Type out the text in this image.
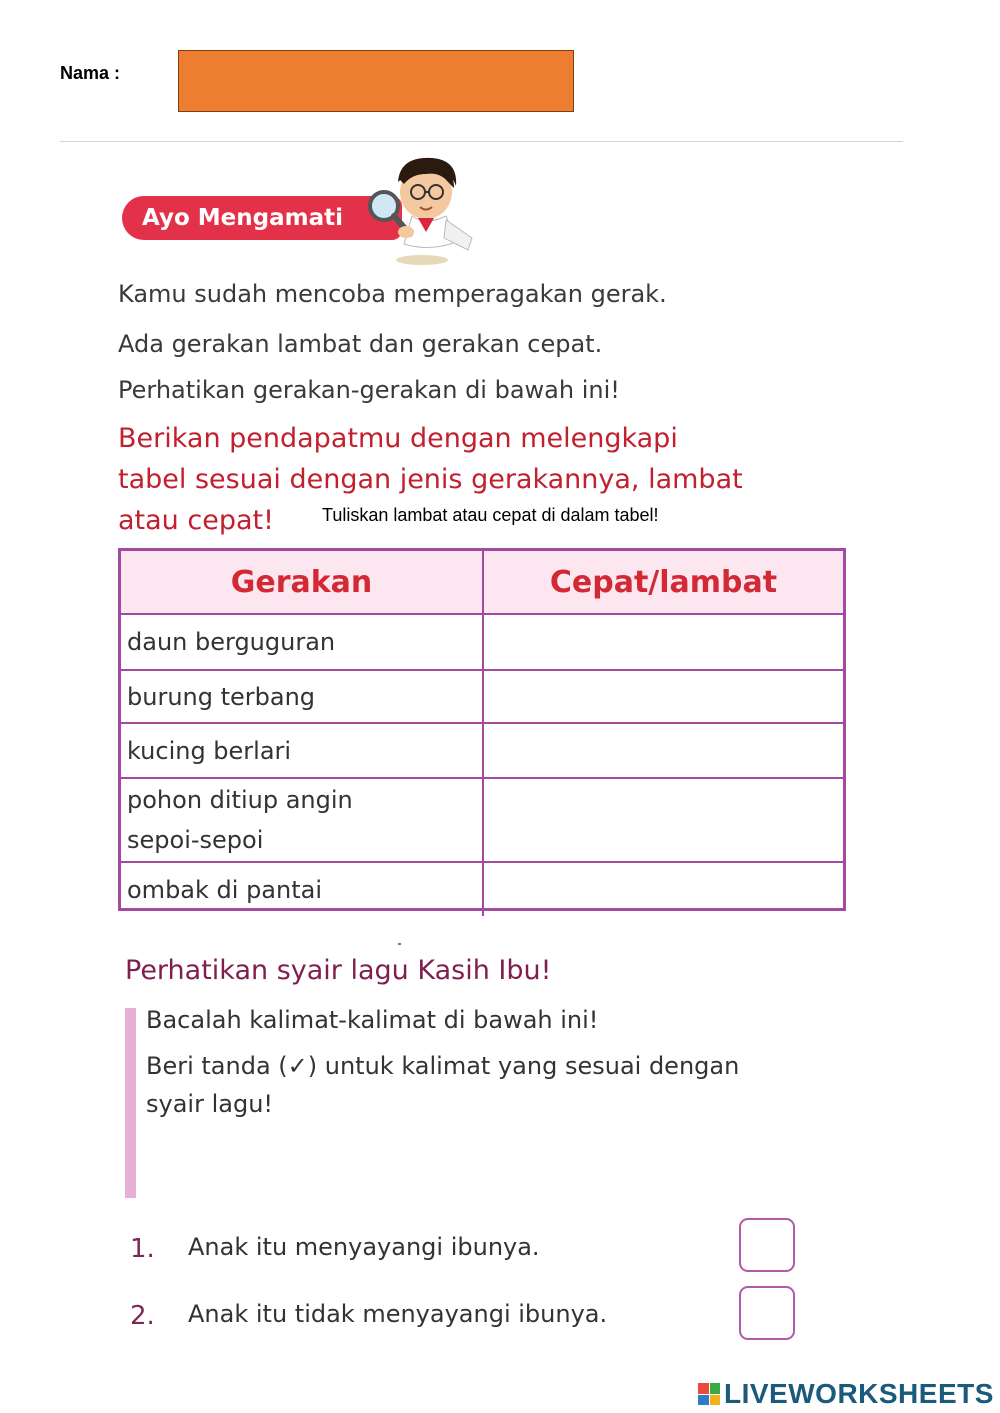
Nama :
Ayo Mengamati
Kamu sudah mencoba memperagakan gerak.
Ada gerakan lambat dan gerakan cepat.
Perhatikan gerakan-gerakan di bawah ini!
Berikan pendapatmu dengan melengkapi
tabel sesuai dengan jenis gerakannya, lambat
atau cepat!	Tuliskan lambat atau cepat di dalam tabel!
Gerakan	Cepat/lambat
daun berguguran	
burung terbang	
kucing berlari	

pohon ditiup angin
sepoi-sepoi

ombak di pantai	
Perhatikan syair lagu Kasih Ibu!
Bacalah kalimat-kalimat di bawah ini!
Beri tanda (✓) untuk kalimat yang sesuai dengan
syair lagu!
1. Anak itu menyayangi ibunya.
2. Anak itu tidak menyayangi ibunya.
LIVEWORKSHEETS
